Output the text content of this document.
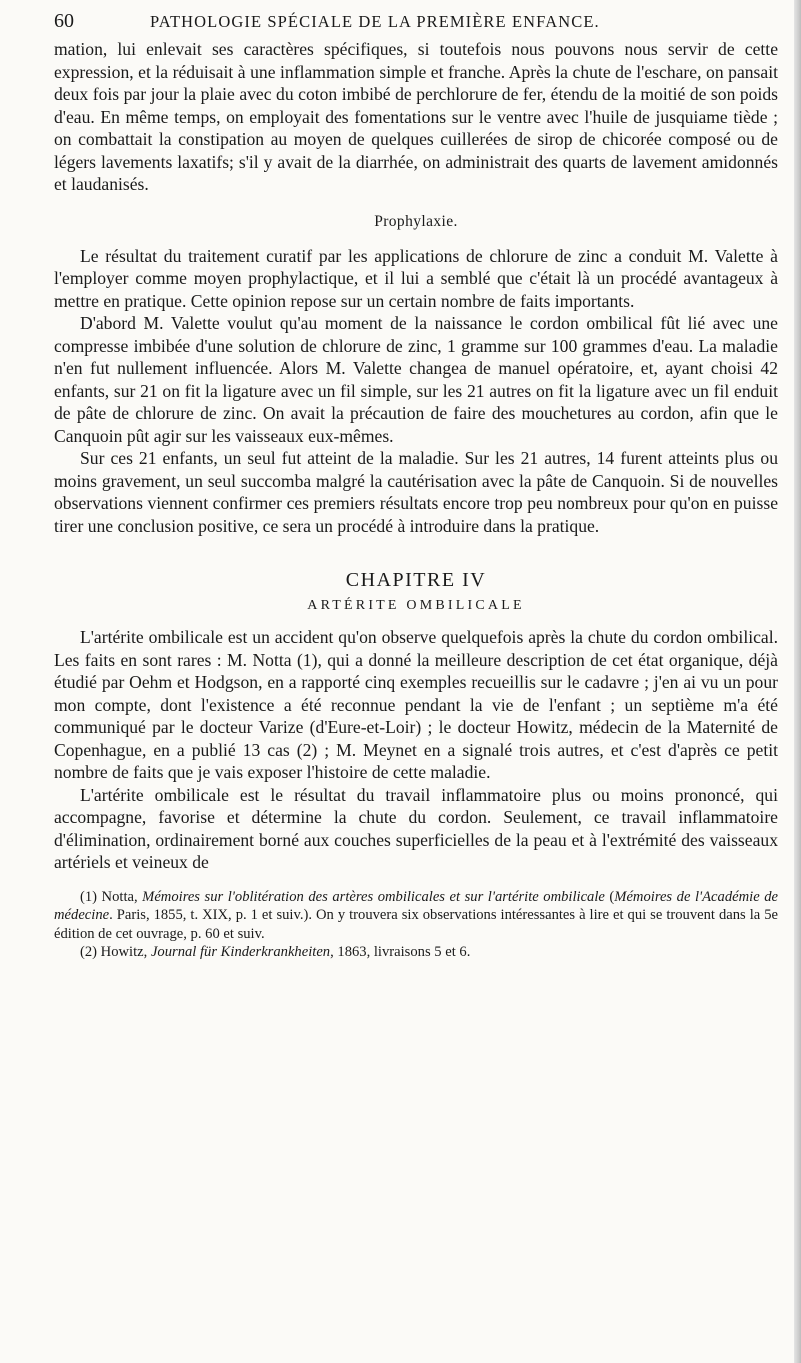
60	PATHOLOGIE SPÉCIALE DE LA PREMIÈRE ENFANCE.

mation, lui enlevait ses caractères spécifiques, si toutefois nous pouvons nous servir de cette expression, et la réduisait à une inflammation simple et franche. Après la chute de l'eschare, on pansait deux fois par jour la plaie avec du coton imbibé de perchlorure de fer, étendu de la moitié de son poids d'eau. En même temps, on employait des fomentations sur le ventre avec l'huile de jusquiame tiède ; on combattait la constipation au moyen de quelques cuillerées de sirop de chicorée composé ou de légers lavements laxatifs; s'il y avait de la diarrhée, on administrait des quarts de lavement amidonnés et laudanisés.

Prophylaxie.

Le résultat du traitement curatif par les applications de chlorure de zinc a conduit M. Valette à l'employer comme moyen prophylactique, et il lui a semblé que c'était là un procédé avantageux à mettre en pratique. Cette opinion repose sur un certain nombre de faits importants.

D'abord M. Valette voulut qu'au moment de la naissance le cordon ombilical fût lié avec une compresse imbibée d'une solution de chlorure de zinc, 1 gramme sur 100 grammes d'eau. La maladie n'en fut nullement influencée. Alors M. Valette changea de manuel opératoire, et, ayant choisi 42 enfants, sur 21 on fit la ligature avec un fil simple, sur les 21 autres on fit la ligature avec un fil enduit de pâte de chlorure de zinc. On avait la précaution de faire des mouchetures au cordon, afin que le Canquoin pût agir sur les vaisseaux eux-mêmes.

Sur ces 21 enfants, un seul fut atteint de la maladie. Sur les 21 autres, 14 furent atteints plus ou moins gravement, un seul succomba malgré la cautérisation avec la pâte de Canquoin. Si de nouvelles observations viennent confirmer ces premiers résultats encore trop peu nombreux pour qu'on en puisse tirer une conclusion positive, ce sera un procédé à introduire dans la pratique.

CHAPITRE IV
ARTÉRITE OMBILICALE

L'artérite ombilicale est un accident qu'on observe quelquefois après la chute du cordon ombilical. Les faits en sont rares : M. Notta (1), qui a donné la meilleure description de cet état organique, déjà étudié par Oehm et Hodgson, en a rapporté cinq exemples recueillis sur le cadavre ; j'en ai vu un pour mon compte, dont l'existence a été reconnue pendant la vie de l'enfant ; un septième m'a été communiqué par le docteur Varize (d'Eure-et-Loir) ; le docteur Howitz, médecin de la Maternité de Copenhague, en a publié 13 cas (2) ; M. Meynet en a signalé trois autres, et c'est d'après ce petit nombre de faits que je vais exposer l'histoire de cette maladie.

L'artérite ombilicale est le résultat du travail inflammatoire plus ou moins prononcé, qui accompagne, favorise et détermine la chute du cordon. Seulement, ce travail inflammatoire d'élimination, ordinairement borné aux couches superficielles de la peau et à l'extrémité des vaisseaux artériels et veineux de

(1) Notta, Mémoires sur l'oblitération des artères ombilicales et sur l'artérite ombilicale (Mémoires de l'Académie de médecine. Paris, 1855, t. XIX, p. 1 et suiv.). On y trouvera six observations intéressantes à lire et qui se trouvent dans la 5e édition de cet ouvrage, p. 60 et suiv.

(2) Howitz, Journal für Kinderkrankheiten, 1863, livraisons 5 et 6.
